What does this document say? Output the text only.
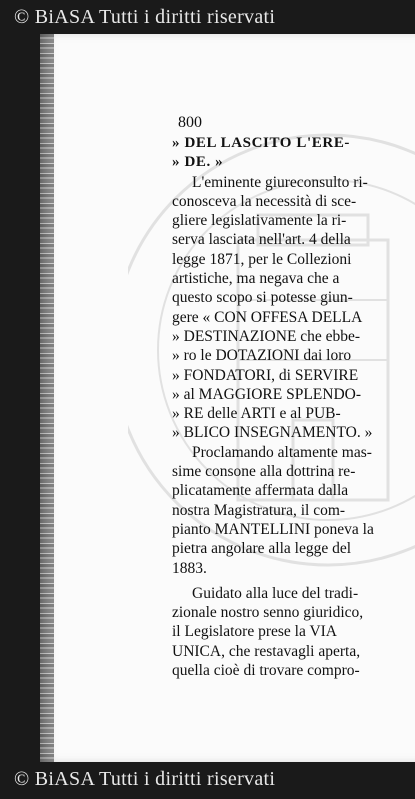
© BiASA Tutti i diritti riservati
800
» DEL LASCITO L'ERE-
» DE. »
L'eminente giureconsulto ri-
conosceva la necessità di sce-
gliere legislativamente la ri-
serva lasciata nell'art. 4 della
legge 1871, per le Collezioni
artistiche, ma negava che a
questo scopo si potesse giun-
gere « CON OFFESA DELLA
» DESTINAZIONE che ebbe-
» ro le DOTAZIONI dai loro
» FONDATORI, di SERVIRE
» al MAGGIORE SPLENDO-
» RE delle ARTI e al PUB-
» BLICO INSEGNAMENTO. »
Proclamando altamente mas-
sime consone alla dottrina re-
plicatamente affermata dalla
nostra Magistratura, il com-
pianto MANTELLINI poneva la
pietra angolare alla legge del
1883.
Guidato alla luce del tradi-
zionale nostro senno giuridico,
il Legislatore prese la VIA
UNICA, che restavagli aperta,
quella cioè di trovare compro-
© BiASA Tutti i diritti riservati
